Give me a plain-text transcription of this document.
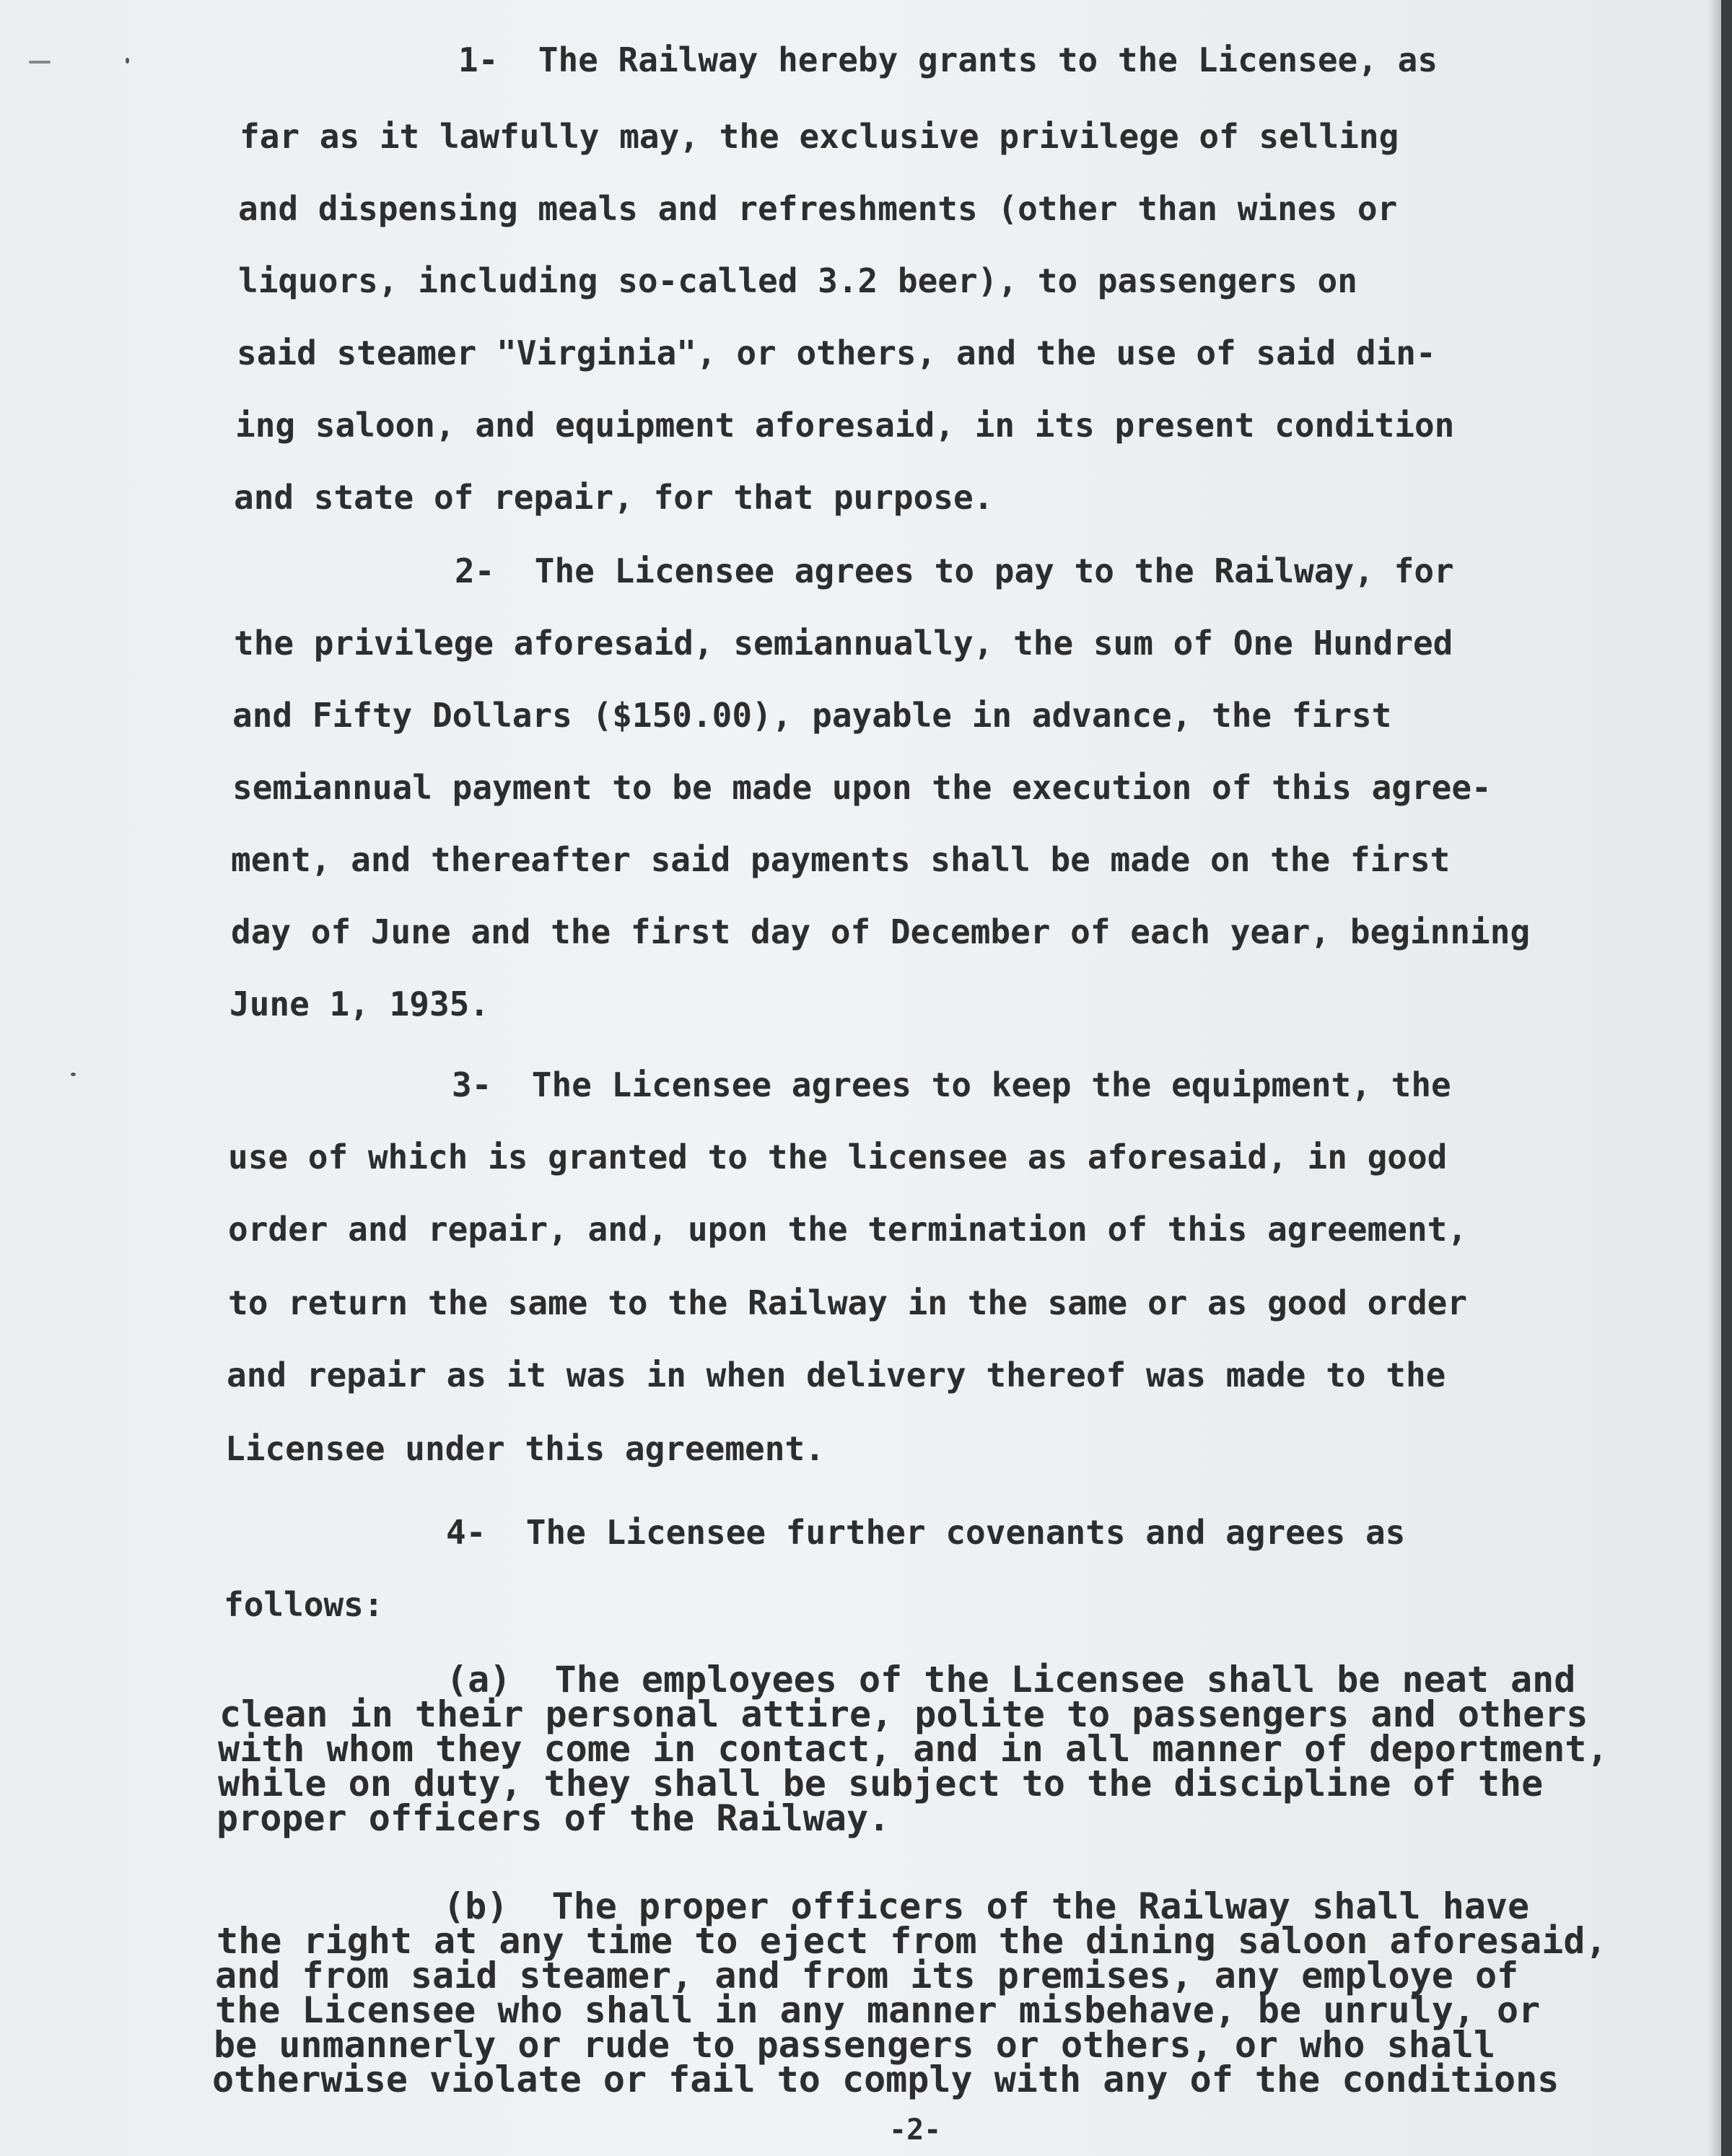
1-  The Railway hereby grants to the Licensee, as
far as it lawfully may, the exclusive privilege of selling
and dispensing meals and refreshments (other than wines or
liquors, including so-called 3.2 beer), to passengers on
said steamer "Virginia", or others, and the use of said din-
ing saloon, and equipment aforesaid, in its present condition
and state of repair, for that purpose.
2-  The Licensee agrees to pay to the Railway, for
the privilege aforesaid, semiannually, the sum of One Hundred
and Fifty Dollars ($150.00), payable in advance, the first
semiannual payment to be made upon the execution of this agree-
ment, and thereafter said payments shall be made on the first
day of June and the first day of December of each year, beginning
June 1, 1935.
3-  The Licensee agrees to keep the equipment, the
use of which is granted to the licensee as aforesaid, in good
order and repair, and, upon the termination of this agreement,
to return the same to the Railway in the same or as good order
and repair as it was in when delivery thereof was made to the
Licensee under this agreement.
4-  The Licensee further covenants and agrees as
follows:
(a)  The employees of the Licensee shall be neat and
clean in their personal attire, polite to passengers and others
with whom they come in contact, and in all manner of deportment,
while on duty, they shall be subject to the discipline of the
proper officers of the Railway.
(b)  The proper officers of the Railway shall have
the right at any time to eject from the dining saloon aforesaid,
and from said steamer, and from its premises, any employe of
the Licensee who shall in any manner misbehave, be unruly, or
be unmannerly or rude to passengers or others, or who shall
otherwise violate or fail to comply with any of the conditions
-2-
